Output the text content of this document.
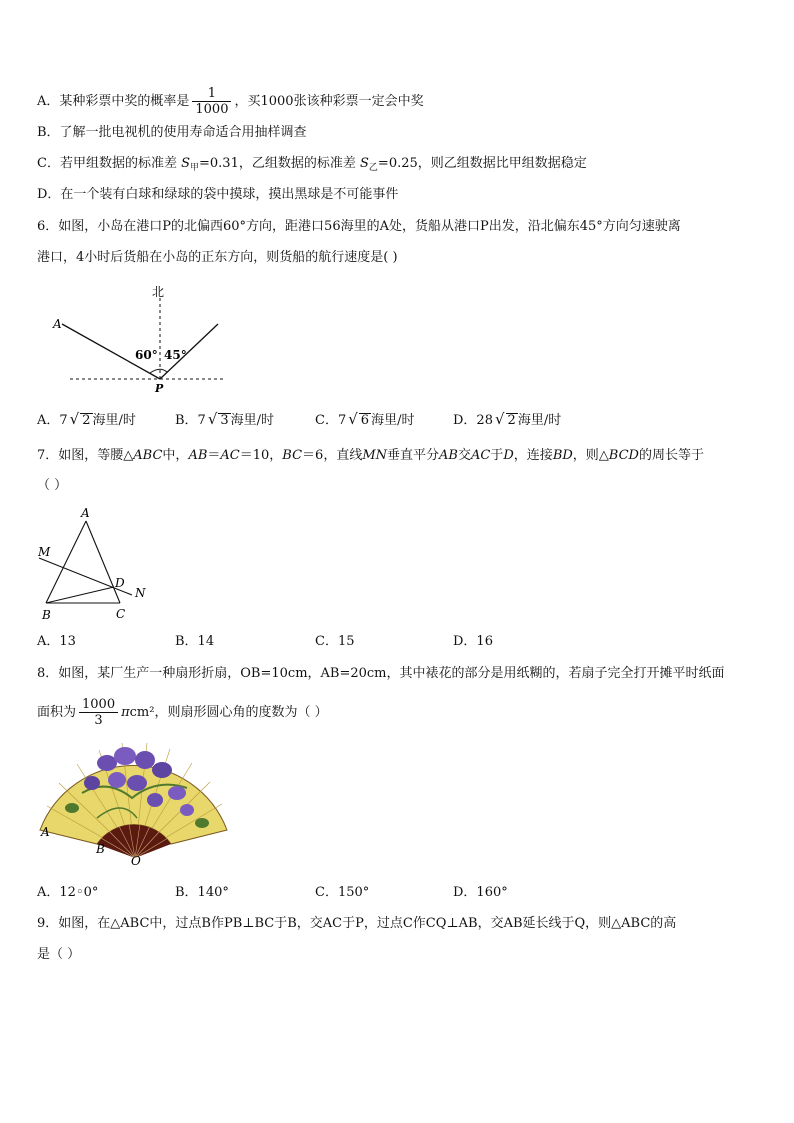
A．某种彩票中奖的概率是 $\frac{1}{1000}$ ，买1000张该种彩票一定会中奖
B．了解一批电视机的使用寿命适合用抽样调查
C．若甲组数据的标准差 $S_甲=0.31$，乙组数据的标准差 $S_乙=0.25$，则乙组数据比甲组数据稳定
D．在一个装有白球和绿球的袋中摸球，摸出黑球是不可能事件
6．如图，小岛在港口P的北偏西60°方向，距港口56海里的A处，货船从港口P出发，沿北偏东45°方向匀速驶离
港口，4小时后货船在小岛的正东方向，则货船的航行速度是( )
北
A
60° 45°
P
A．7 √ 2 海里/时	B．7 √ 3 海里/时	C．7 √ 6 海里/时	D．28 √ 2 海里/时
7．如图，等腰△ABC中，AB＝AC＝10，BC＝6，直线MN垂直平分AB交AC于D，连接BD，则△BCD的周长等于
（ ）
A
M
D
N
B	C
A．13	B．14	C．15	D．16
8．如图，某厂生产一种扇形折扇，OB=10cm，AB=20cm，其中裱花的部分是用纸糊的，若扇子完全打开摊平时纸面
面积为 $\frac{1000}{3} \pi cm^2$，则扇形圆心角的度数为（ ）
A
B
O
A．12◦0°	B．140°	C．150°	D．160°
9．如图，在△ABC中，过点B作PB⊥BC于B，交AC于P，过点C作CQ⊥AB，交AB延长线于Q，则△ABC的高
是（ ）
